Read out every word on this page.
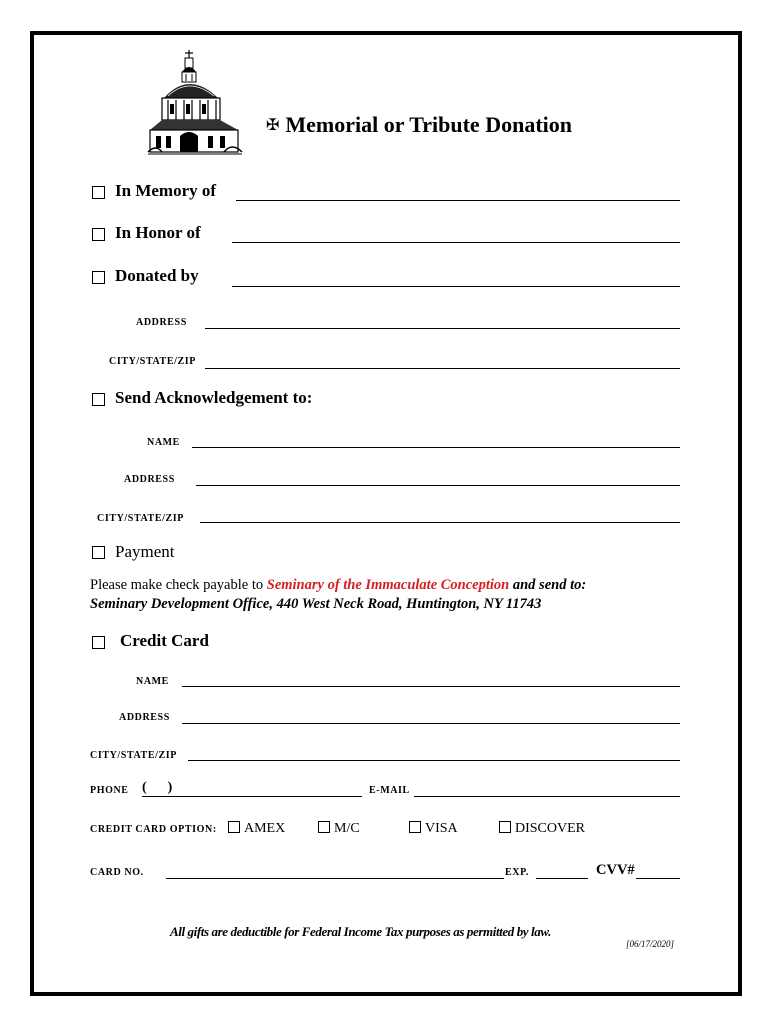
✠ Memorial or Tribute Donation
In Memory of
In Honor of
Donated by
ADDRESS
CITY/STATE/ZIP
Send Acknowledgement to:
NAME
ADDRESS
CITY/STATE/ZIP
Payment
Please make check payable to Seminary of the Immaculate Conception and send to:
Seminary Development Office, 440 West Neck Road, Huntington, NY 11743
Credit Card
NAME
ADDRESS
CITY/STATE/ZIP
PHONE (      )	E-MAIL
CREDIT CARD OPTION:	AMEX	M/C	VISA	DISCOVER
CARD NO.	EXP.	CVV#
All gifts are deductible for Federal Income Tax purposes as permitted by law.
[06/17/2020]
